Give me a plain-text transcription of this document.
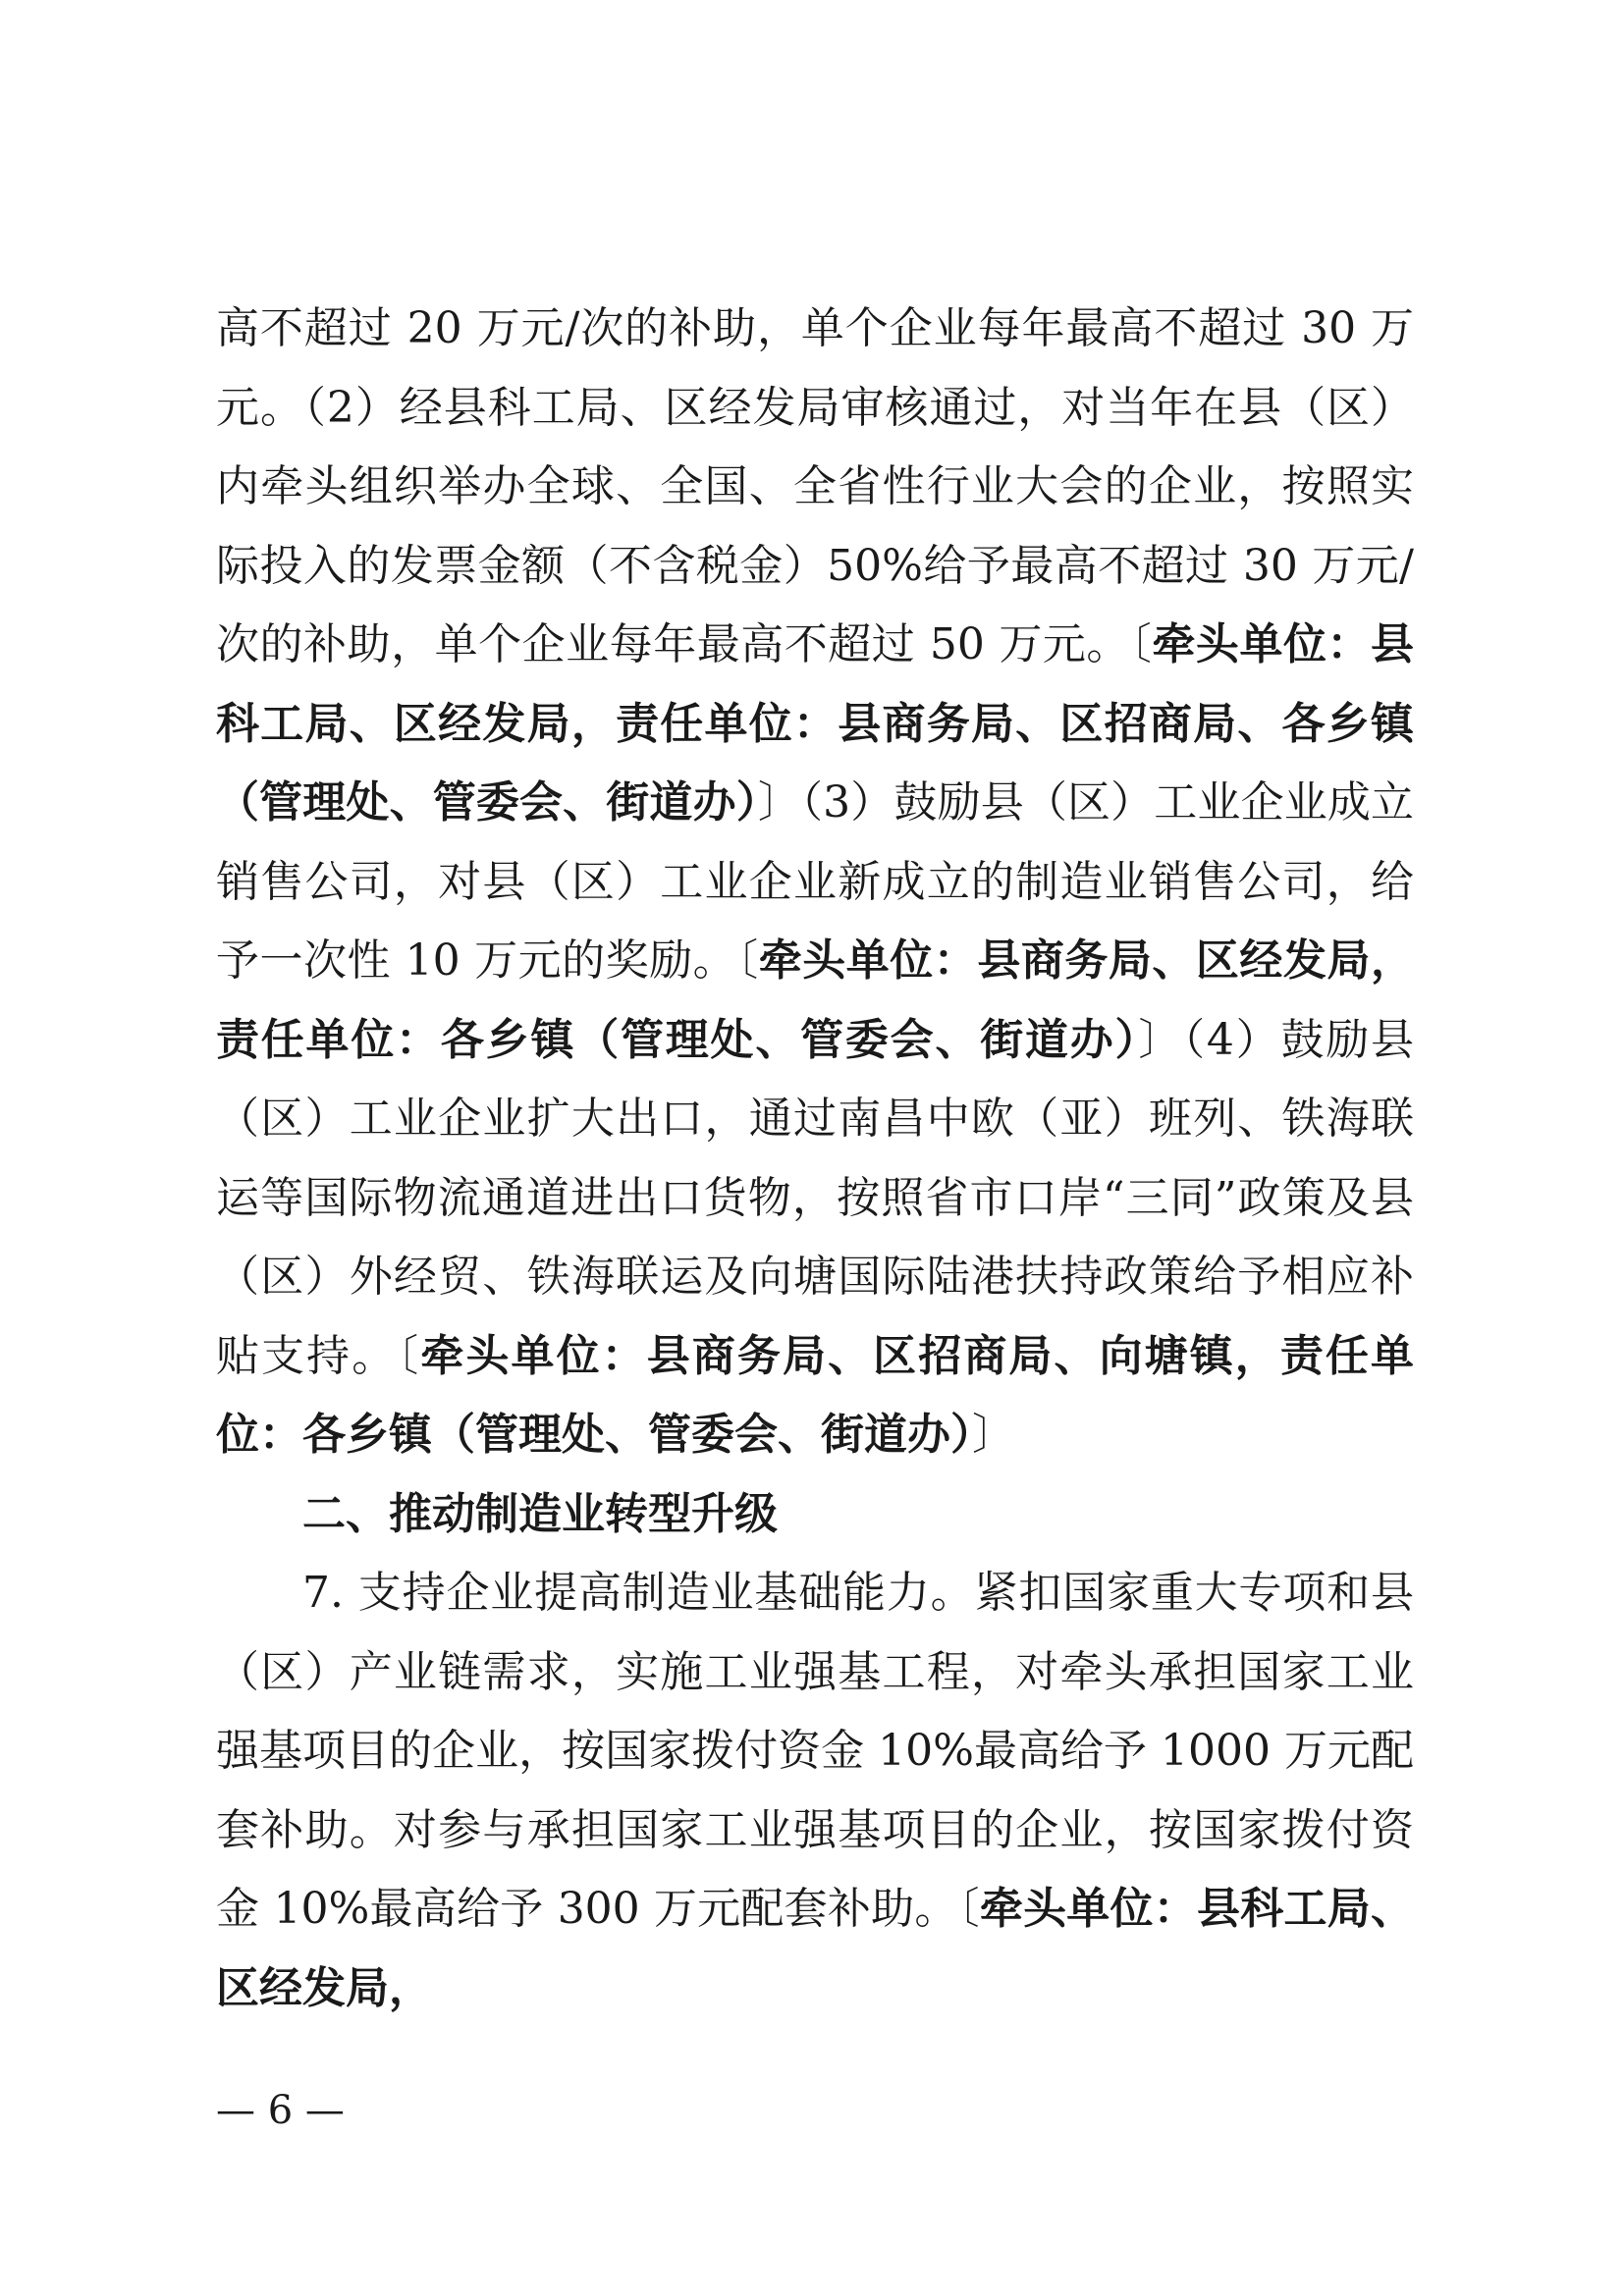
高不超过 20 万元/次的补助，单个企业每年最高不超过 30 万元。（2）经县科工局、区经发局审核通过，对当年在县（区）内牵头组织举办全球、全国、全省性行业大会的企业，按照实际投入的发票金额（不含税金）50%给予最高不超过 30 万元/次的补助，单个企业每年最高不超过 50 万元。〔牵头单位：县科工局、区经发局，责任单位：县商务局、区招商局、各乡镇（管理处、管委会、街道办）〕（3）鼓励县（区）工业企业成立销售公司，对县（区）工业企业新成立的制造业销售公司，给予一次性 10 万元的奖励。〔牵头单位：县商务局、区经发局，责任单位：各乡镇（管理处、管委会、街道办）〕（4）鼓励县（区）工业企业扩大出口，通过南昌中欧（亚）班列、铁海联运等国际物流通道进出口货物，按照省市口岸“三同”政策及县（区）外经贸、铁海联运及向塘国际陆港扶持政策给予相应补贴支持。〔牵头单位：县商务局、区招商局、向塘镇，责任单位：各乡镇（管理处、管委会、街道办）〕

二、推动制造业转型升级

7. 支持企业提高制造业基础能力。紧扣国家重大专项和县（区）产业链需求，实施工业强基工程，对牵头承担国家工业强基项目的企业，按国家拨付资金 10%最高给予 1000 万元配套补助。对参与承担国家工业强基项目的企业，按国家拨付资金 10%最高给予 300 万元配套补助。〔牵头单位：县科工局、区经发局，

— 6 —
